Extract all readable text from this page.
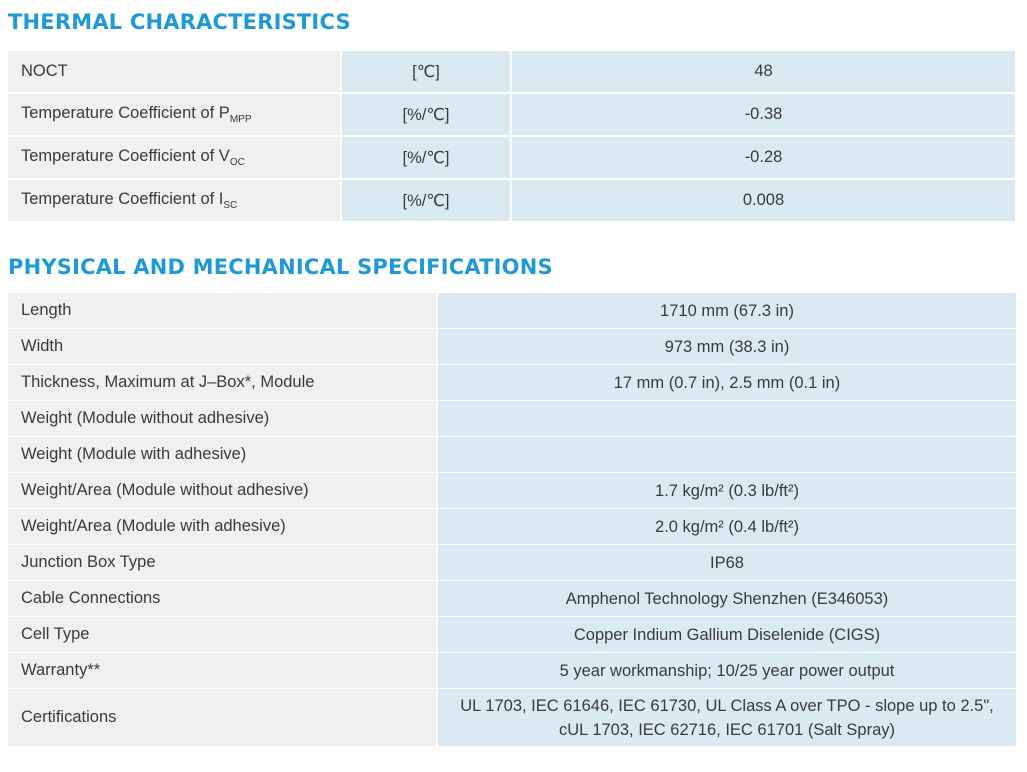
THERMAL CHARACTERISTICS
NOCT	[℃]	48
Temperature Coefficient of $P_{MPP}$	[%/℃]	-0.38
Temperature Coefficient of $V_{OC}$	[%/℃]	-0.28
Temperature Coefficient of $I_{SC}$	[%/℃]	0.008
PHYSICAL AND MECHANICAL SPECIFICATIONS
Length	1710 mm (67.3 in)
Width	973 mm (38.3 in)
Thickness, Maximum at J–Box*, Module	17 mm (0.7 in), 2.5 mm (0.1 in)
Weight (Module without adhesive)	
Weight (Module with adhesive)	
Weight/Area (Module without adhesive)	1.7 kg/m² (0.3 lb/ft²)
Weight/Area (Module with adhesive)	2.0 kg/m² (0.4 lb/ft²)
Junction Box Type	IP68
Cable Connections	Amphenol Technology Shenzhen (E346053)
Cell Type	Copper Indium Gallium Diselenide (CIGS)
Warranty**	5 year workmanship; 10/25 year power output
Certifications	UL 1703, IEC 61646, IEC 61730, UL Class A over TPO - slope up to 2.5",
cUL 1703, IEC 62716, IEC 61701 (Salt Spray)
